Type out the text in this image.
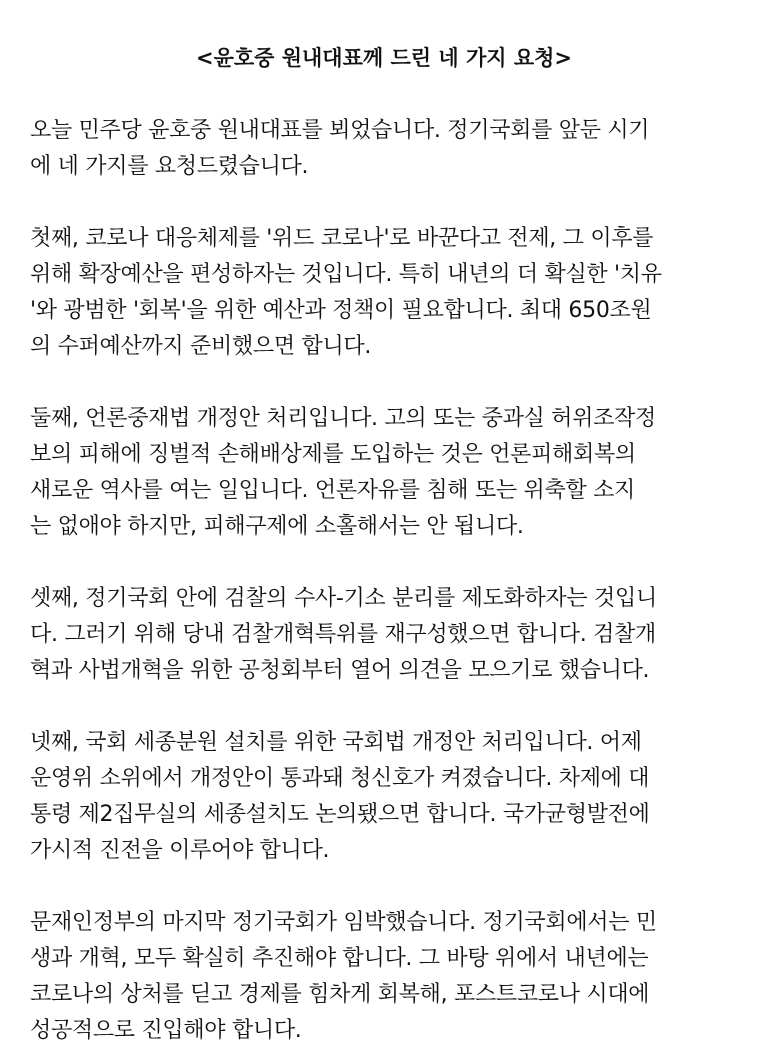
<윤호중 원내대표께 드린 네 가지 요청>
오늘 민주당 윤호중 원내대표를 뵈었습니다. 정기국회를 앞둔 시기
에 네 가지를 요청드렸습니다.
첫째, 코로나 대응체제를 '위드 코로나'로 바꾼다고 전제, 그 이후를
위해 확장예산을 편성하자는 것입니다. 특히 내년의 더 확실한 '치유
'와 광범한 '회복'을 위한 예산과 정책이 필요합니다. 최대 650조원
의 수퍼예산까지 준비했으면 합니다.
둘째, 언론중재법 개정안 처리입니다. 고의 또는 중과실 허위조작정
보의 피해에 징벌적 손해배상제를 도입하는 것은 언론피해회복의
새로운 역사를 여는 일입니다. 언론자유를 침해 또는 위축할 소지
는 없애야 하지만, 피해구제에 소홀해서는 안 됩니다.
셋째, 정기국회 안에 검찰의 수사-기소 분리를 제도화하자는 것입니
다. 그러기 위해 당내 검찰개혁특위를 재구성했으면 합니다. 검찰개
혁과 사법개혁을 위한 공청회부터 열어 의견을 모으기로 했습니다.
넷째, 국회 세종분원 설치를 위한 국회법 개정안 처리입니다. 어제
운영위 소위에서 개정안이 통과돼 청신호가 켜졌습니다. 차제에 대
통령 제2집무실의 세종설치도 논의됐으면 합니다. 국가균형발전에
가시적 진전을 이루어야 합니다.
문재인정부의 마지막 정기국회가 임박했습니다. 정기국회에서는 민
생과 개혁, 모두 확실히 추진해야 합니다. 그 바탕 위에서 내년에는
코로나의 상처를 딛고 경제를 힘차게 회복해, 포스트코로나 시대에
성공적으로 진입해야 합니다.
